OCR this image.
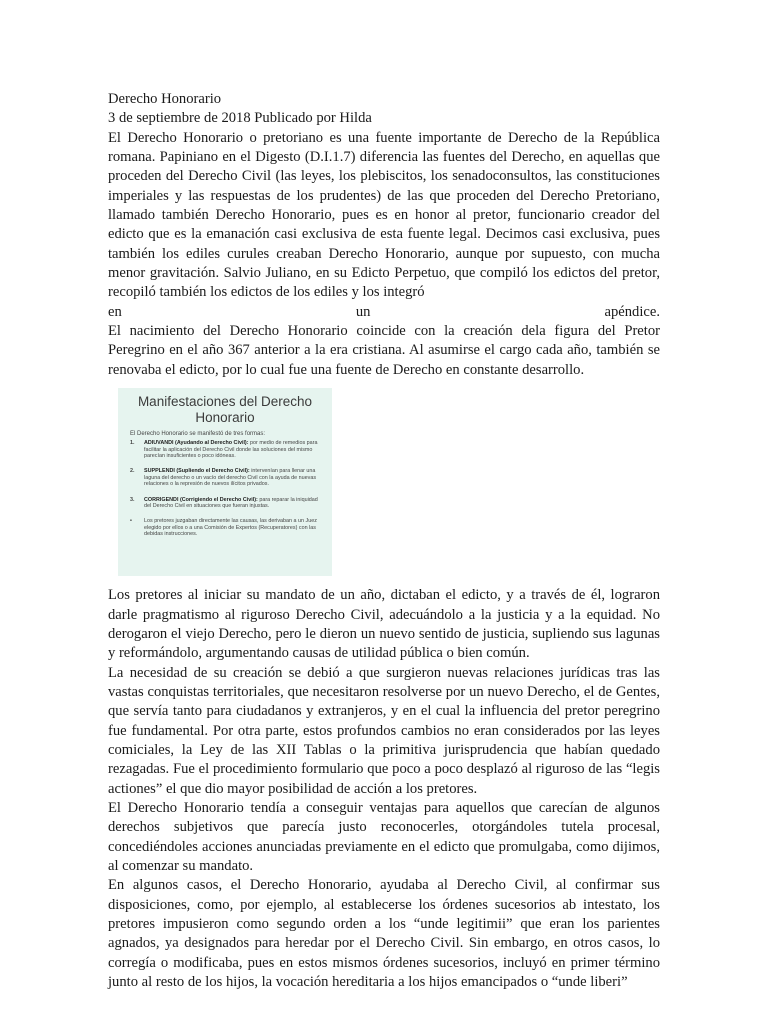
Derecho Honorario

3 de septiembre de 2018 Publicado por Hilda

El Derecho Honorario o pretoriano es una fuente importante de Derecho de la República romana. Papiniano en el Digesto (D.I.1.7) diferencia las fuentes del Derecho, en aquellas que proceden del Derecho Civil (las leyes, los plebiscitos, los senadoconsultos, las constituciones imperiales y las respuestas de los prudentes) de las que proceden del Derecho Pretoriano, llamado también Derecho Honorario, pues es en honor al pretor, funcionario creador del edicto que es la emanación casi exclusiva de esta fuente legal. Decimos casi exclusiva, pues también los ediles curules creaban Derecho Honorario, aunque por supuesto, con mucha menor gravitación. Salvio Juliano, en su Edicto Perpetuo, que compiló los edictos del pretor, recopiló también los edictos de los ediles y los integró

en	un	apéndice.

El nacimiento del Derecho Honorario coincide con la creación dela figura del Pretor Peregrino en el año 367 anterior a la era cristiana. Al asumirse el cargo cada año, también se renovaba el edicto, por lo cual fue una fuente de Derecho en constante desarrollo.

Manifestaciones del Derecho Honorario

El Derecho Honorario se manifestó de tres formas:

1.	ADIUVANDI (Ayudando al Derecho Civil): por medio de remedios para facilitar la aplicación del Derecho Civil donde las soluciones del mismo parecían insuficientes o poco idóneas.
2.	SUPPLENDI (Supliendo el Derecho Civil): intervenían para llenar una laguna del derecho o un vacío del derecho Civil con la ayuda de nuevas relaciones o la represión de nuevos ilícitos privados.
3.	CORRIGENDI (Corrigiendo el Derecho Civil): para reparar la iniquidad del Derecho Civil en situaciones que fueran injustas.
•	Los pretores juzgaban directamente las causas, las derivaban a un Juez elegido por ellos o a una Comisión de Expertos (Recuperatores) con las debidas instrucciones.

Los pretores al iniciar su mandato de un año, dictaban el edicto, y a través de él, lograron darle pragmatismo al riguroso Derecho Civil, adecuándolo a la justicia y a la equidad. No derogaron el viejo Derecho, pero le dieron un nuevo sentido de justicia, supliendo sus lagunas y reformándolo, argumentando causas de utilidad pública o bien común.

La necesidad de su creación se debió a que surgieron nuevas relaciones jurídicas tras las vastas conquistas territoriales, que necesitaron resolverse por un nuevo Derecho, el de Gentes, que servía tanto para ciudadanos y extranjeros, y en el cual la influencia del pretor peregrino fue fundamental. Por otra parte, estos profundos cambios no eran considerados por las leyes comiciales, la Ley de las XII Tablas o la primitiva jurisprudencia que habían quedado rezagadas. Fue el procedimiento formulario que poco a poco desplazó al riguroso de las “legis actiones” el que dio mayor posibilidad de acción a los pretores.

El Derecho Honorario tendía a conseguir ventajas para aquellos que carecían de algunos derechos subjetivos que parecía justo reconocerles, otorgándoles tutela procesal, concediéndoles acciones anunciadas previamente en el edicto que promulgaba, como dijimos, al comenzar su mandato.

En algunos casos, el Derecho Honorario, ayudaba al Derecho Civil, al confirmar sus disposiciones, como, por ejemplo, al establecerse los órdenes sucesorios ab intestato, los pretores impusieron como segundo orden a los “unde legitimii” que eran los parientes agnados, ya designados para heredar por el Derecho Civil. Sin embargo, en otros casos, lo corregía o modificaba, pues en estos mismos órdenes sucesorios, incluyó en primer término junto al resto de los hijos, la vocación hereditaria a los hijos emancipados o “unde liberi”
